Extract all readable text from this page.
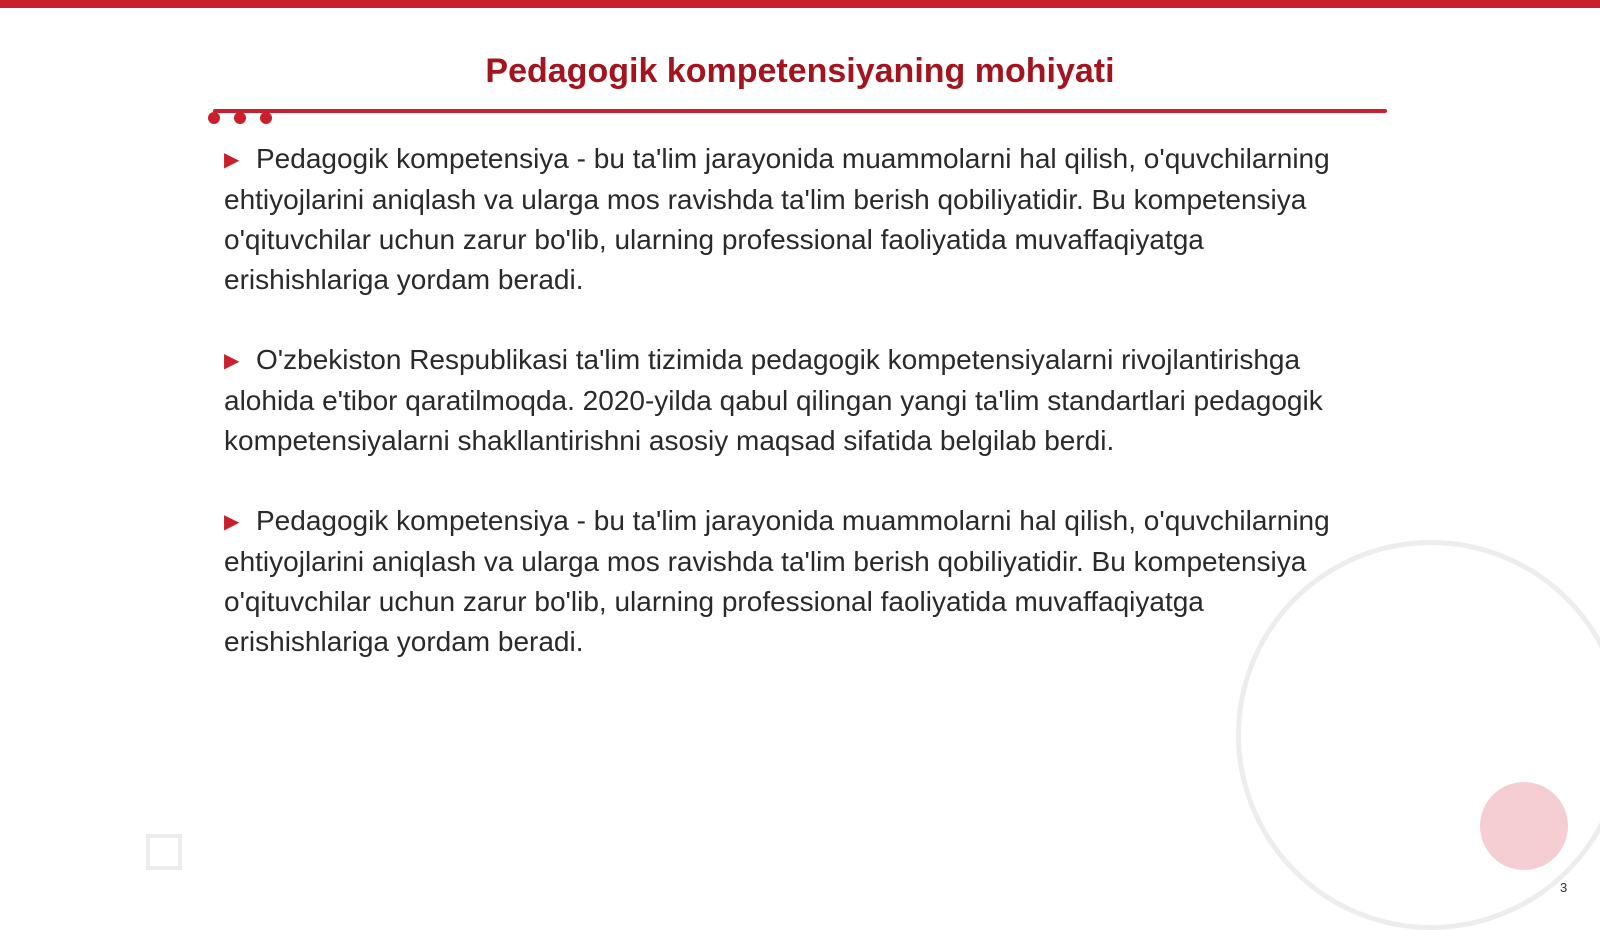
Pedagogik kompetensiyaning mohiyati

▶ Pedagogik kompetensiya - bu ta'lim jarayonida muammolarni hal qilish, o'quvchilarning ehtiyojlarini aniqlash va ularga mos ravishda ta'lim berish qobiliyatidir. Bu kompetensiya o'qituvchilar uchun zarur bo'lib, ularning professional faoliyatida muvaffaqiyatga erishishlariga yordam beradi.

▶ O'zbekiston Respublikasi ta'lim tizimida pedagogik kompetensiyalarni rivojlantirishga alohida e'tibor qaratilmoqda. 2020-yilda qabul qilingan yangi ta'lim standartlari pedagogik kompetensiyalarni shakllantirishni asosiy maqsad sifatida belgilab berdi.

▶ Pedagogik kompetensiya - bu ta'lim jarayonida muammolarni hal qilish, o'quvchilarning ehtiyojlarini aniqlash va ularga mos ravishda ta'lim berish qobiliyatidir. Bu kompetensiya o'qituvchilar uchun zarur bo'lib, ularning professional faoliyatida muvaffaqiyatga erishishlariga yordam beradi.

3
